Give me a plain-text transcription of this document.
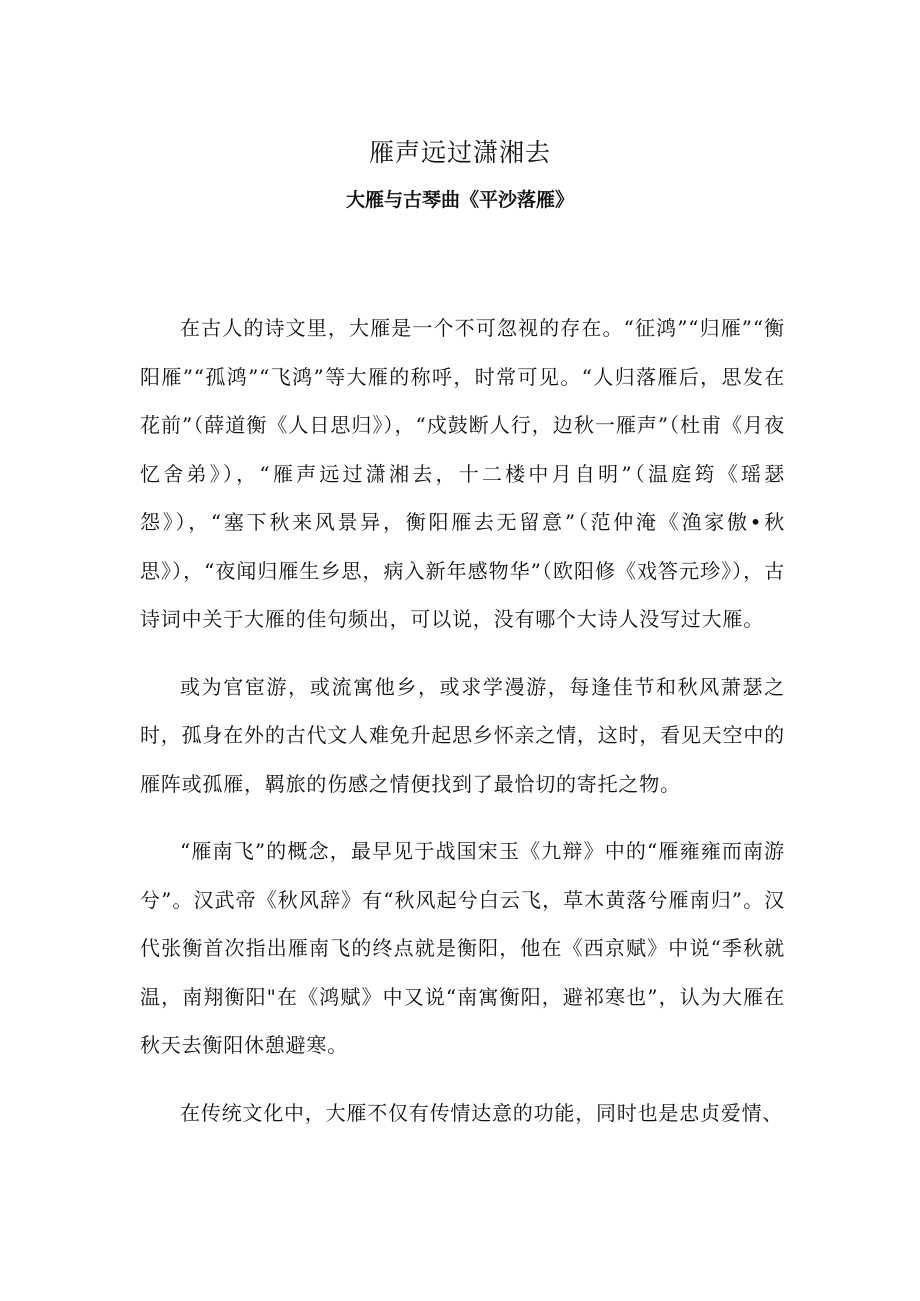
雁声远过潇湘去
大雁与古琴曲《平沙落雁》

在古人的诗文里，大雁是一个不可忽视的存在。“征鸿”“归雁”“衡阳雁”“孤鸿”“飞鸿”等大雁的称呼，时常可见。“人归落雁后，思发在花前”（薛道衡《人日思归》），“戍鼓断人行，边秋一雁声”（杜甫《月夜忆舍弟》），“雁声远过潇湘去，十二楼中月自明”（温庭筠《瑶瑟怨》），“塞下秋来风景异，衡阳雁去无留意”（范仲淹《渔家傲•秋思》），“夜闻归雁生乡思，病入新年感物华”（欧阳修《戏答元珍》），古诗词中关于大雁的佳句频出，可以说，没有哪个大诗人没写过大雁。

或为官宦游，或流寓他乡，或求学漫游，每逢佳节和秋风萧瑟之时，孤身在外的古代文人难免升起思乡怀亲之情，这时，看见天空中的雁阵或孤雁，羁旅的伤感之情便找到了最恰切的寄托之物。

“雁南飞”的概念，最早见于战国宋玉《九辩》中的“雁雍雍而南游兮”。汉武帝《秋风辞》有“秋风起兮白云飞，草木黄落兮雁南归”。汉代张衡首次指出雁南飞的终点就是衡阳，他在《西京赋》中说“季秋就温，南翔衡阳"在《鸿赋》中又说“南寓衡阳，避祁寒也”，认为大雁在秋天去衡阳休憩避寒。

在传统文化中，大雁不仅有传情达意的功能，同时也是忠贞爱情、
